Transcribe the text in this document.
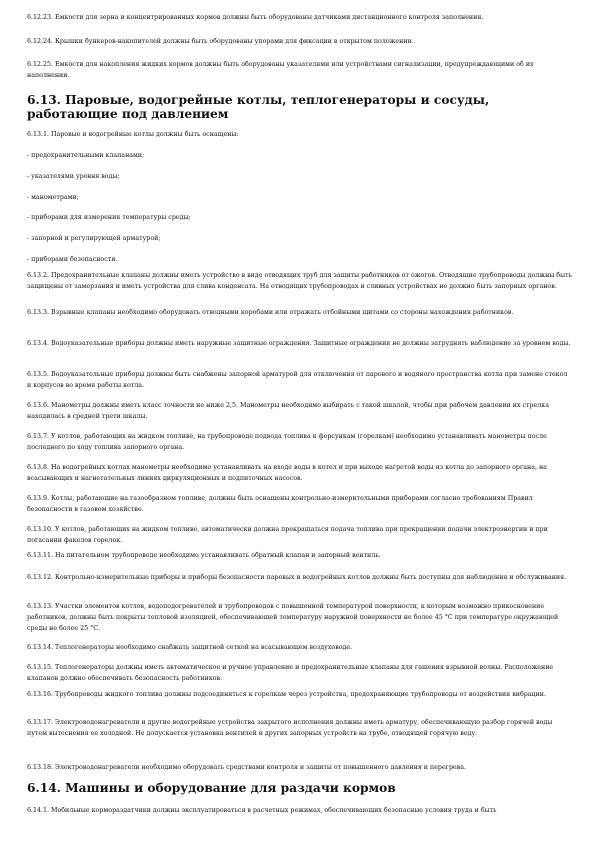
6.12.23. Емкости для зерна и концентрированных кормов должны быть оборудованы датчиками дистанционного контроля заполнения.

6.12.24. Крышки бункеров-накопителей должны быть оборудованы упорами для фиксации в открытом положении.

6.12.25. Емкости для накопления жидких кормов должны быть оборудованы указателями или устройствами сигнализации, предупреждающими об их наполнении.

6.13. Паровые, водогрейные котлы, теплогенераторы и сосуды, работающие под давлением

6.13.1. Паровые и водогрейные котлы должны быть оснащены:

- предохранительными клапанами;

- указателями уровня воды;

- манометрами;

- приборами для измерения температуры среды;

- запорной и регулирующей арматурой;

- приборами безопасности.

6.13.2. Предохранительные клапаны должны иметь устройство в виде отводящих труб для защиты работников от ожогов. Отводящие трубопроводы должны быть защищены от замерзания и иметь устройства для слива конденсата. На отводящих трубопроводах и сливных устройствах не должно быть запорных органов.

6.13.3. Взрывные клапаны необходимо оборудовать отводными коробами или отражать отбойными щитами со стороны нахождения работников.

6.13.4. Водоуказательные приборы должны иметь наружные защитные ограждения. Защитные ограждения не должны затруднять наблюдение за уровнем воды.

6.13.5. Водоуказательные приборы должны быть снабжены запорной арматурой для отключения от парового и водяного пространства котла при замене стекол и корпусов во время работы котла.

6.13.6. Манометры должны иметь класс точности не ниже 2,5. Манометры необходимо выбирать с такой шкалой, чтобы при рабочем давлении их стрелка находилась в средней трети шкалы.

6.13.7. У котлов, работающих на жидком топливе, на трубопроводе подвода топлива к форсункам (горелкам) необходимо устанавливать манометры после последнего по ходу топлива запорного органа.

6.13.8. На водогрейных котлах манометры необходимо устанавливать на входе воды в котел и при выходе нагретой воды из котла до запорного органа, на всасывающих и нагнетательных линиях циркуляционных и подпиточных насосов.

6.13.9. Котлы, работающие на газообразном топливе, должны быть оснащены контрольно-измерительными приборами согласно требованиям Правил безопасности в газовом хозяйстве.

6.13.10. У котлов, работающих на жидком топливе, автоматически должна прекращаться подача топлива при прекращении подачи электроэнергии и при погасании факелов горелок.

6.13.11. На питательном трубопроводе необходимо устанавливать обратный клапан и запорный вентиль.

6.13.12. Контрольно-измерительные приборы и приборы безопасности паровых и водогрейных котлов должны быть доступны для наблюдения и обслуживания.

6.13.13. Участки элементов котлов, водоподогревателей и трубопроводов с повышенной температурой поверхности, к которым возможно прикосновение работников, должны быть покрыты тепловой изоляцией, обеспечивающей температуру наружной поверхности не более 45 °С при температуре окружающей среды не более 25 °С.

6.13.14. Теплогенераторы необходимо снабжать защитной сеткой на всасывающем воздуховоде.

6.13.15. Теплогенераторы должны иметь автоматическое и ручное управление и предохранительные клапаны для гашения взрывной волны. Расположение клапанов должно обеспечивать безопасность работников.

6.13.16. Трубопроводы жидкого топлива должны подсоединяться к горелкам через устройства, предохраняющие трубопроводы от воздействия вибрации.

6.13.17. Электроводонагреватели и другие водогрейные устройства закрытого исполнения должны иметь арматуру, обеспечивающую разбор горячей воды путем вытеснения ее холодной. Не допускается установка вентилей и других запорных устройств на трубе, отводящей горячую воду.

6.13.18. Электроводонагреватели необходимо оборудовать средствами контроля и защиты от повышенного давления и перегрева.

6.14. Машины и оборудование для раздачи кормов

6.14.1. Мобильные кормораздатчики должны эксплуатироваться в расчетных режимах, обеспечивающих безопасные условия труда и быть
